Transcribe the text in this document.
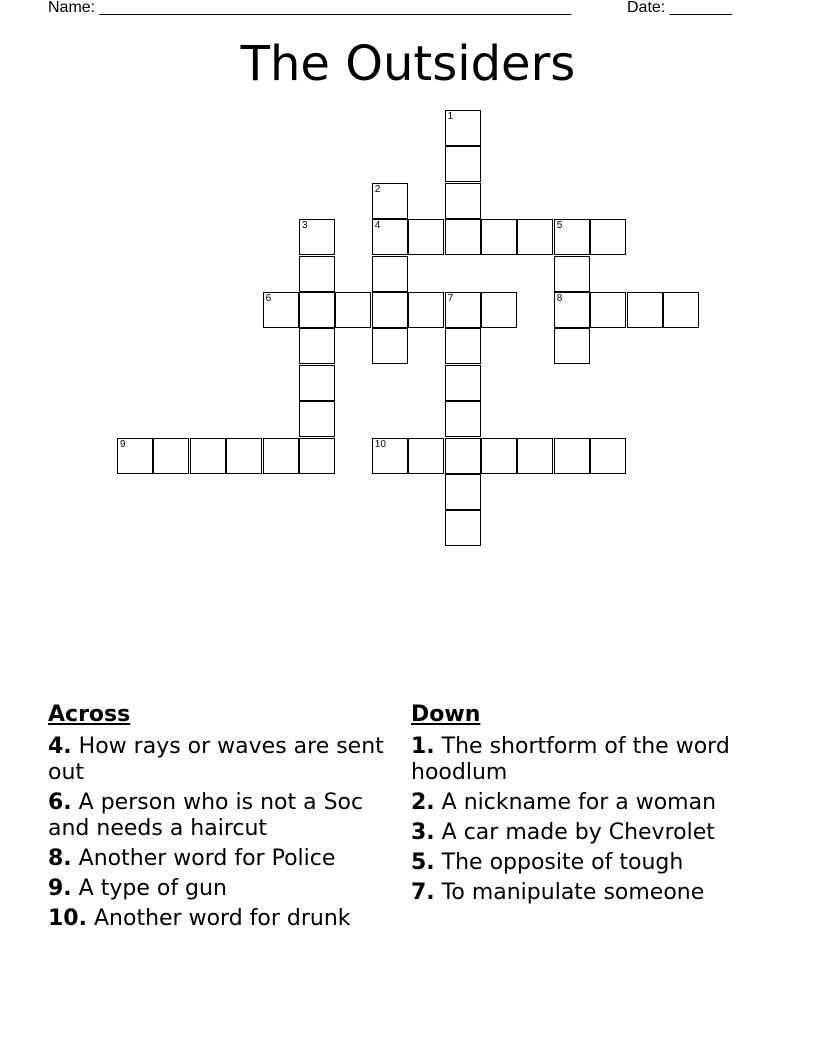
Name: _____________________________________________________	Date: _______
The Outsiders
1
2
4	5
3
6	7	8
9	10
Across
4. How rays or waves are sent out
6. A person who is not a Soc and needs a haircut
8. Another word for Police
9. A type of gun
10. Another word for drunk
Down
1. The shortform of the word hoodlum
2. A nickname for a woman
3. A car made by Chevrolet
5. The opposite of tough
7. To manipulate someone
